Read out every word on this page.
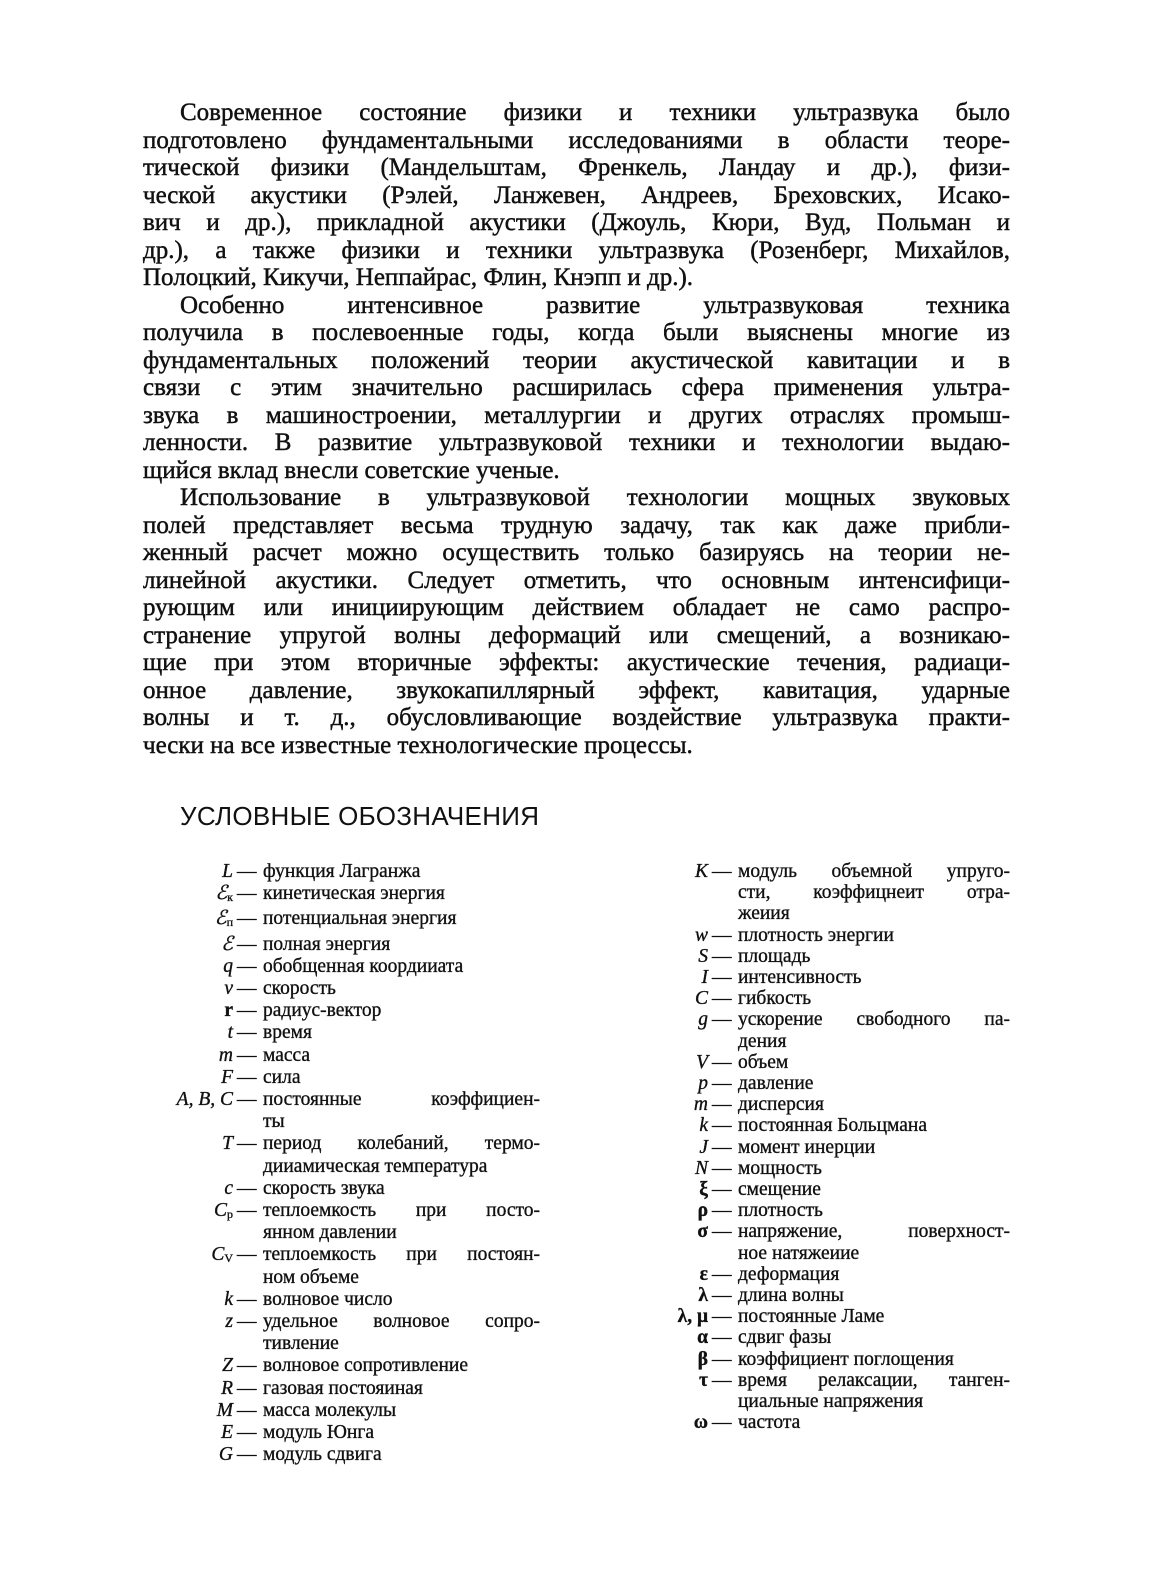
Современное состояние физики и техники ультразвука было
подготовлено фундаментальными исследованиями в области теоре-
тической физики (Мандельштам, Френкель, Ландау и др.), физи-
ческой акустики (Рэлей, Ланжевен, Андреев, Бреховских, Исако-
вич и др.), прикладной акустики (Джоуль, Кюри, Вуд, Польман и
др.), а также физики и техники ультразвука (Розенберг, Михайлов,
Полоцкий, Кикучи, Неппайрас, Флин, Кнэпп и др.).
Особенно интенсивное развитие ультразвуковая техника
получила в послевоенные годы, когда были выяснены многие из
фундаментальных положений теории акустической кавитации и в
связи с этим значительно расширилась сфера применения ультра-
звука в машиностроении, металлургии и других отраслях промыш-
ленности. В развитие ультразвуковой техники и технологии выдаю-
щийся вклад внесли советские ученые.
Использование в ультразвуковой технологии мощных звуковых
полей представляет весьма трудную задачу, так как даже прибли-
женный расчет можно осуществить только базируясь на теории не-
линейной акустики. Следует отметить, что основным интенсифици-
рующим или инициирующим действием обладает не само распро-
странение упругой волны деформаций или смещений, а возникаю-
щие при этом вторичные эффекты: акустические течения, радиаци-
онное давление, звукокапиллярный эффект, кавитация, ударные
волны и т. д., обусловливающие воздействие ультразвука практи-
чески на все известные технологические процессы.
УСЛОВНЫЕ ОБОЗНАЧЕНИЯ
L — функция Лагранжа
ℰ$_к$ — кинетическая энергия
ℰ$_п$ — потенциальная энергия
ℰ — полная энергия
q — обобщенная коордииата
v — скорость
r — радиус-вектор
t — время
m — масса
F — сила
A, B, C — постоянные коэффициен-
ты
T — период колебаний, термо-
дииамическая температура
c — скорость звука
$C_p$ — теплоемкость при посто-
янном давлении
$C_V$ — теплоемкость при постоян-
ном объеме
k — волновое число
z — удельное волновое сопро-
тивление
Z — волновое сопротивление
R — газовая постояиная
M — масса молекулы
E — модуль Юнга
G — модуль сдвига
K — модуль объемной упруго-
сти, коэффицнеит отра-
жеиия
w — плотность энергии
S — площадь
I — интенсивность
C — гибкость
g — ускорение свободного па-
дения
V — объем
p — давление
m — дисперсия
k — постоянная Больцмана
J — момент инерции
N — мощность
ξ — смещение
ρ — плотность
σ — напряжение, поверхност-
ное натяжеиие
ε — деформация
λ — длина волны
λ, μ — постоянные Ламе
α — сдвиг фазы
β — коэффициент поглощения
τ — время релаксации, танген-
циальные напряжения
ω — частота
